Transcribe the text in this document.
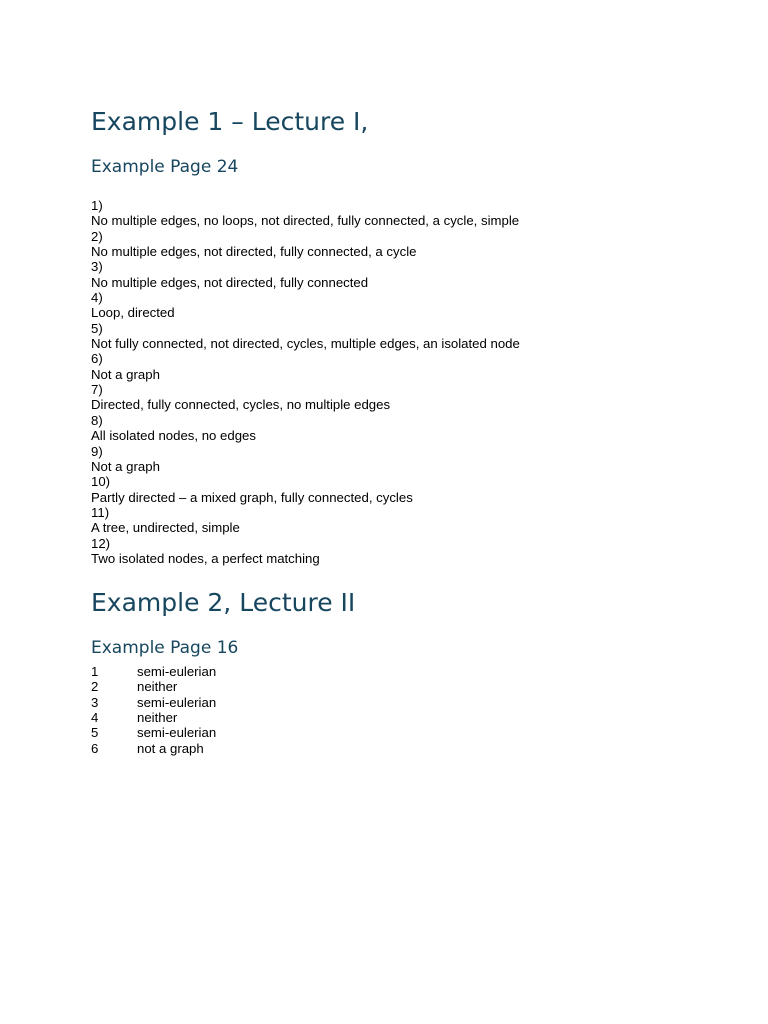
Example 1 – Lecture I,
Example Page 24
1)
No multiple edges, no loops, not directed, fully connected, a cycle, simple
2)
No multiple edges, not directed, fully connected, a cycle
3)
No multiple edges, not directed, fully connected
4)
Loop, directed
5)
Not fully connected, not directed, cycles, multiple edges, an isolated node
6)
Not a graph
7)
Directed, fully connected, cycles, no multiple edges
8)
All isolated nodes, no edges
9)
Not a graph
10)
Partly directed – a mixed graph, fully connected, cycles
11)
A tree, undirected, simple
12)
Two isolated nodes, a perfect matching
Example 2, Lecture II
Example Page 16
1	semi-eulerian
2	neither
3	semi-eulerian
4	neither
5	semi-eulerian
6	not a graph
